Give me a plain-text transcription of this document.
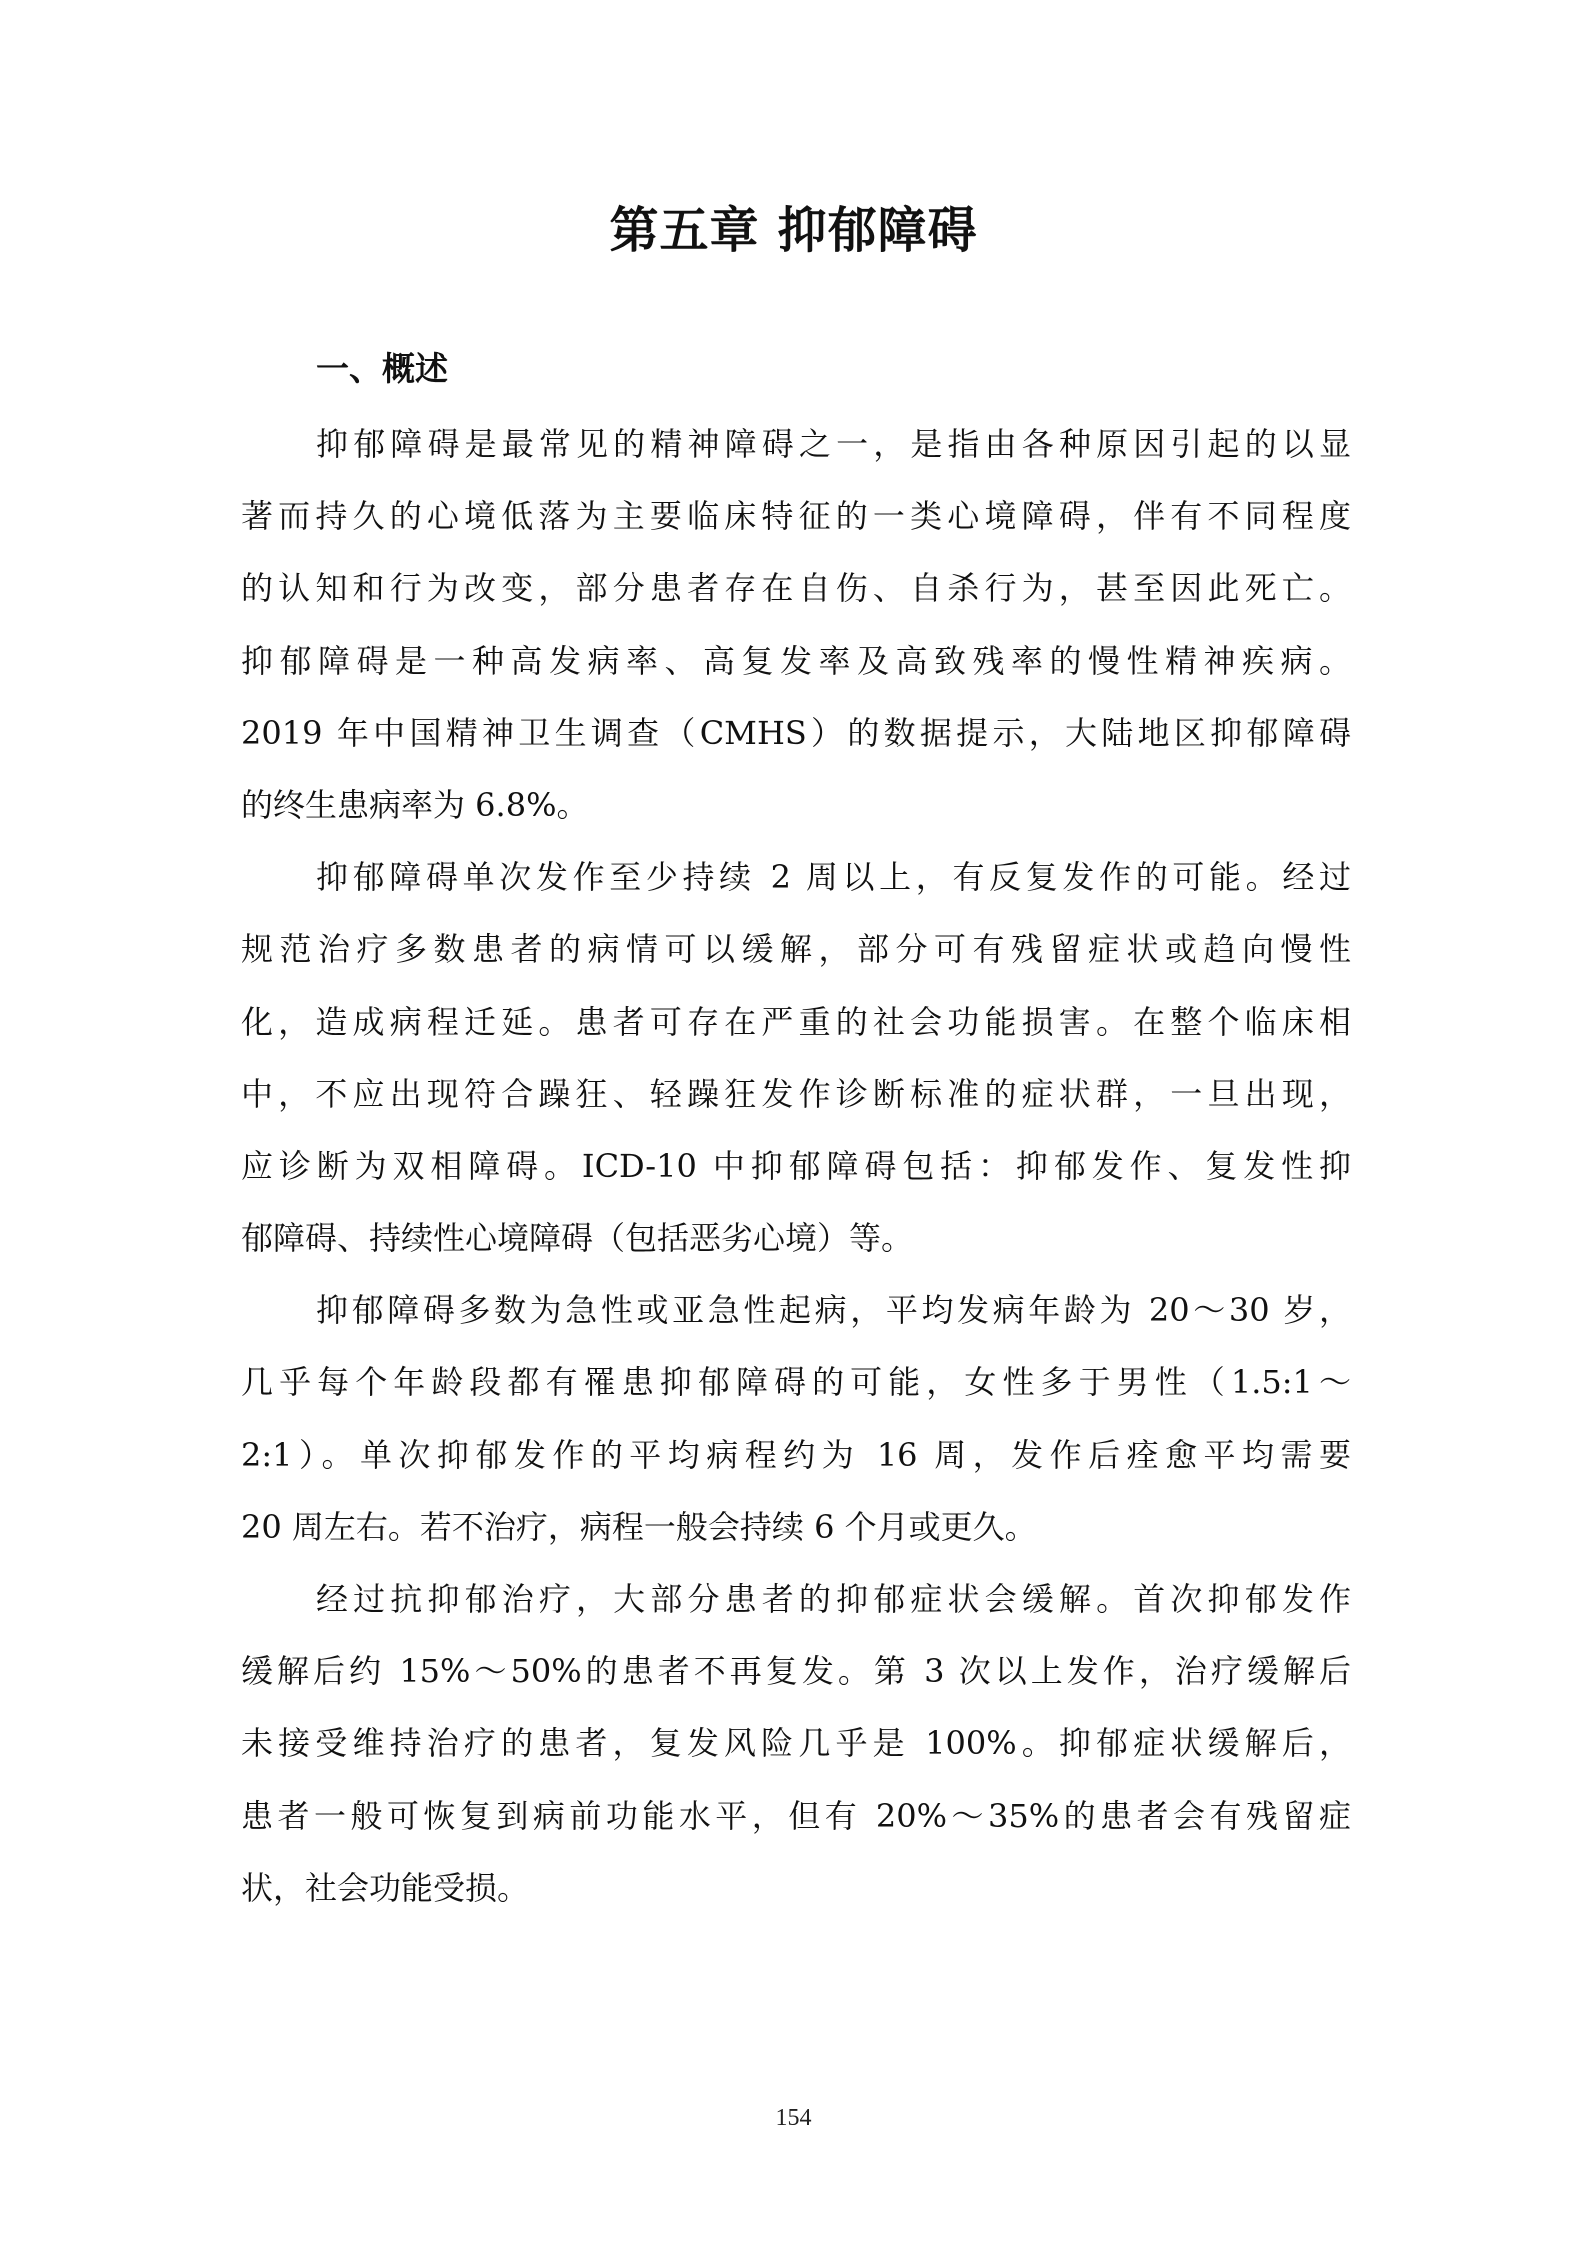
第五章 抑郁障碍
一、概述
抑郁障碍是最常见的精神障碍之一，是指由各种原因引起的以显
著而持久的心境低落为主要临床特征的一类心境障碍，伴有不同程度
的认知和行为改变，部分患者存在自伤、自杀行为，甚至因此死亡。
抑郁障碍是一种高发病率、高复发率及高致残率的慢性精神疾病。
2019 年中国精神卫生调查（CMHS）的数据提示，大陆地区抑郁障碍
的终生患病率为 6.8%。
抑郁障碍单次发作至少持续 2 周以上，有反复发作的可能。经过
规范治疗多数患者的病情可以缓解，部分可有残留症状或趋向慢性
化，造成病程迁延。患者可存在严重的社会功能损害。在整个临床相
中，不应出现符合躁狂、轻躁狂发作诊断标准的症状群，一旦出现，
应诊断为双相障碍。ICD-10 中抑郁障碍包括：抑郁发作、复发性抑
郁障碍、持续性心境障碍（包括恶劣心境）等。
抑郁障碍多数为急性或亚急性起病，平均发病年龄为 20～30 岁，
几乎每个年龄段都有罹患抑郁障碍的可能，女性多于男性（1.5:1～
2:1）。单次抑郁发作的平均病程约为 16 周，发作后痊愈平均需要
20 周左右。若不治疗，病程一般会持续 6 个月或更久。
经过抗抑郁治疗，大部分患者的抑郁症状会缓解。首次抑郁发作
缓解后约 15%～50%的患者不再复发。第 3 次以上发作，治疗缓解后
未接受维持治疗的患者，复发风险几乎是 100%。抑郁症状缓解后，
患者一般可恢复到病前功能水平，但有 20%～35%的患者会有残留症
状，社会功能受损。
154
